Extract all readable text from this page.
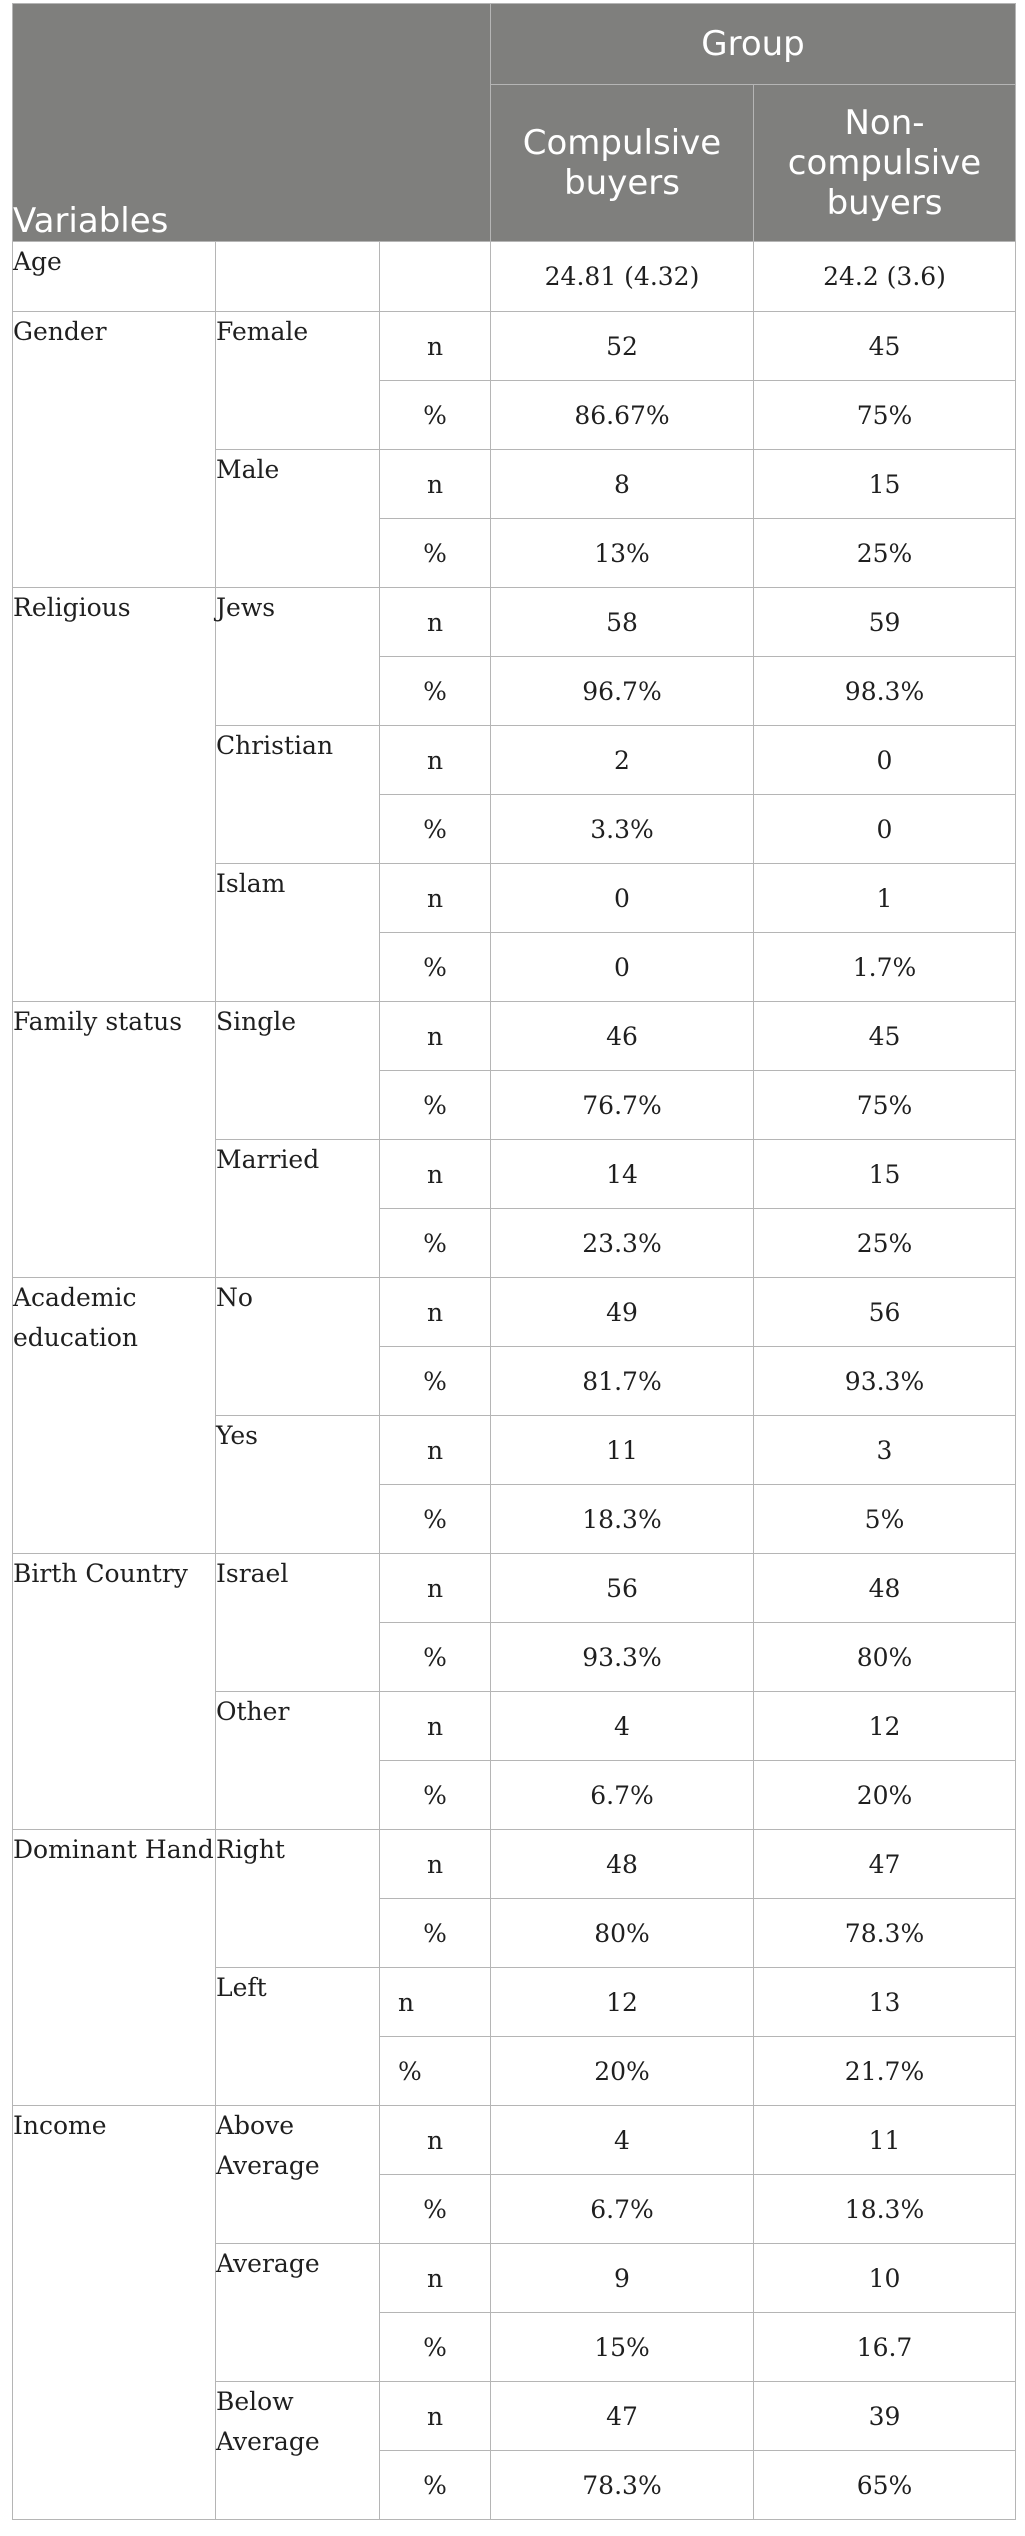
Variables			Group	
			Compulsive buyers	Non-compulsive buyers
Age			24.81 (4.32)	24.2 (3.6)
Gender	Female	n	52	45
		%	86.67%	75%
	Male	n	8	15
		%	13%	25%
Religious	Jews	n	58	59
		%	96.7%	98.3%
	Christian	n	2	0
		%	3.3%	0
	Islam	n	0	1
		%	0	1.7%
Family status	Single	n	46	45
		%	76.7%	75%
	Married	n	14	15
		%	23.3%	25%
Academic education	No	n	49	56
		%	81.7%	93.3%
	Yes	n	11	3
		%	18.3%	5%
Birth Country	Israel	n	56	48
		%	93.3%	80%
	Other	n	4	12
		%	6.7%	20%
Dominant Hand	Right	n	48	47
		%	80%	78.3%
	Left	n	12	13
		%	20%	21.7%
Income	Above Average	n	4	11
		%	6.7%	18.3%
	Average	n	9	10
		%	15%	16.7
	Below Average	n	47	39
		%	78.3%	65%
